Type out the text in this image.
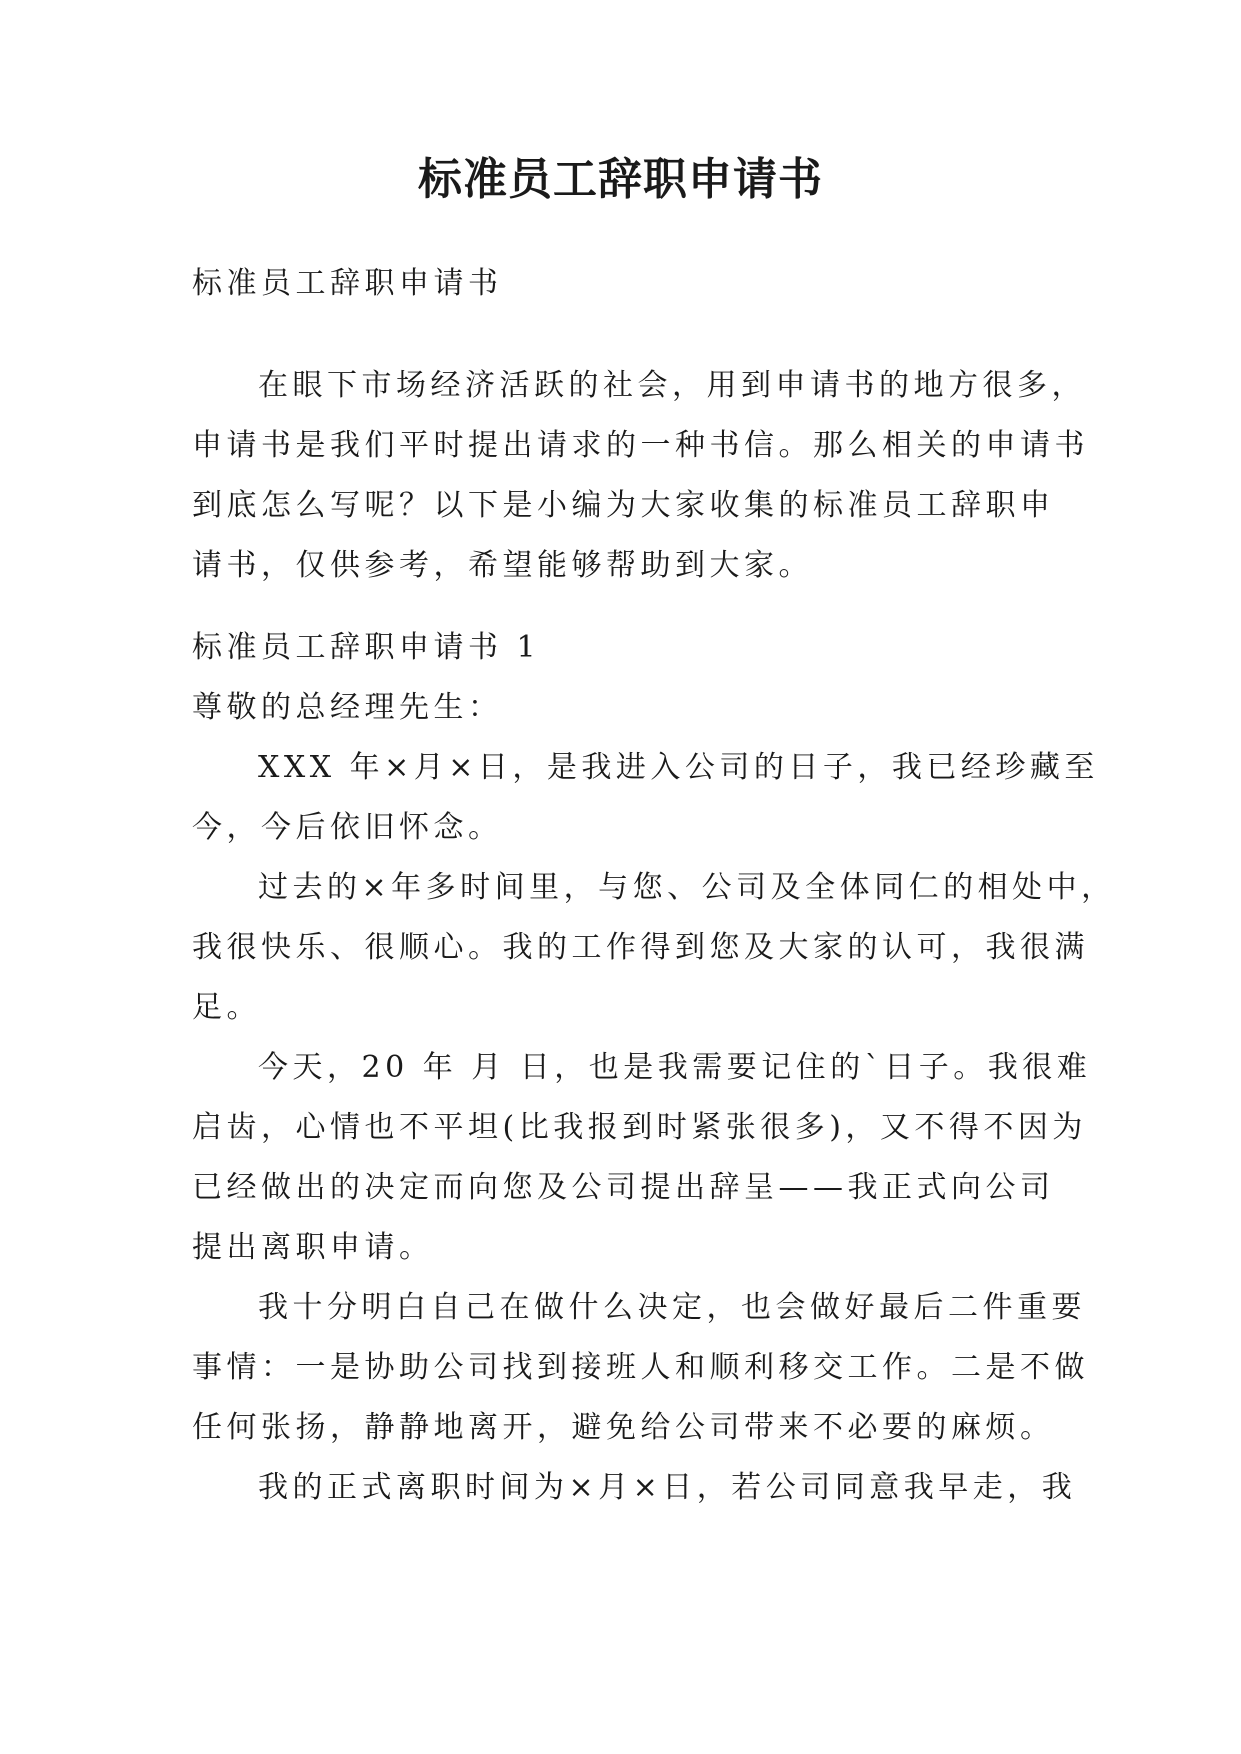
标准员工辞职申请书

标准员工辞职申请书

在眼下市场经济活跃的社会，用到申请书的地方很多，
申请书是我们平时提出请求的一种书信。那么相关的申请书
到底怎么写呢？以下是小编为大家收集的标准员工辞职申
请书，仅供参考，希望能够帮助到大家。

标准员工辞职申请书 1
尊敬的总经理先生：
XXX 年×月×日，是我进入公司的日子，我已经珍藏至
今，今后依旧怀念。
过去的×年多时间里，与您、公司及全体同仁的相处中，
我很快乐、很顺心。我的工作得到您及大家的认可，我很满
足。
今天，20 年 月 日，也是我需要记住的`日子。我很难
启齿，心情也不平坦(比我报到时紧张很多)，又不得不因为
已经做出的决定而向您及公司提出辞呈——我正式向公司
提出离职申请。
我十分明白自己在做什么决定，也会做好最后二件重要
事情：一是协助公司找到接班人和顺利移交工作。二是不做
任何张扬，静静地离开，避免给公司带来不必要的麻烦。
我的正式离职时间为×月×日，若公司同意我早走，我
